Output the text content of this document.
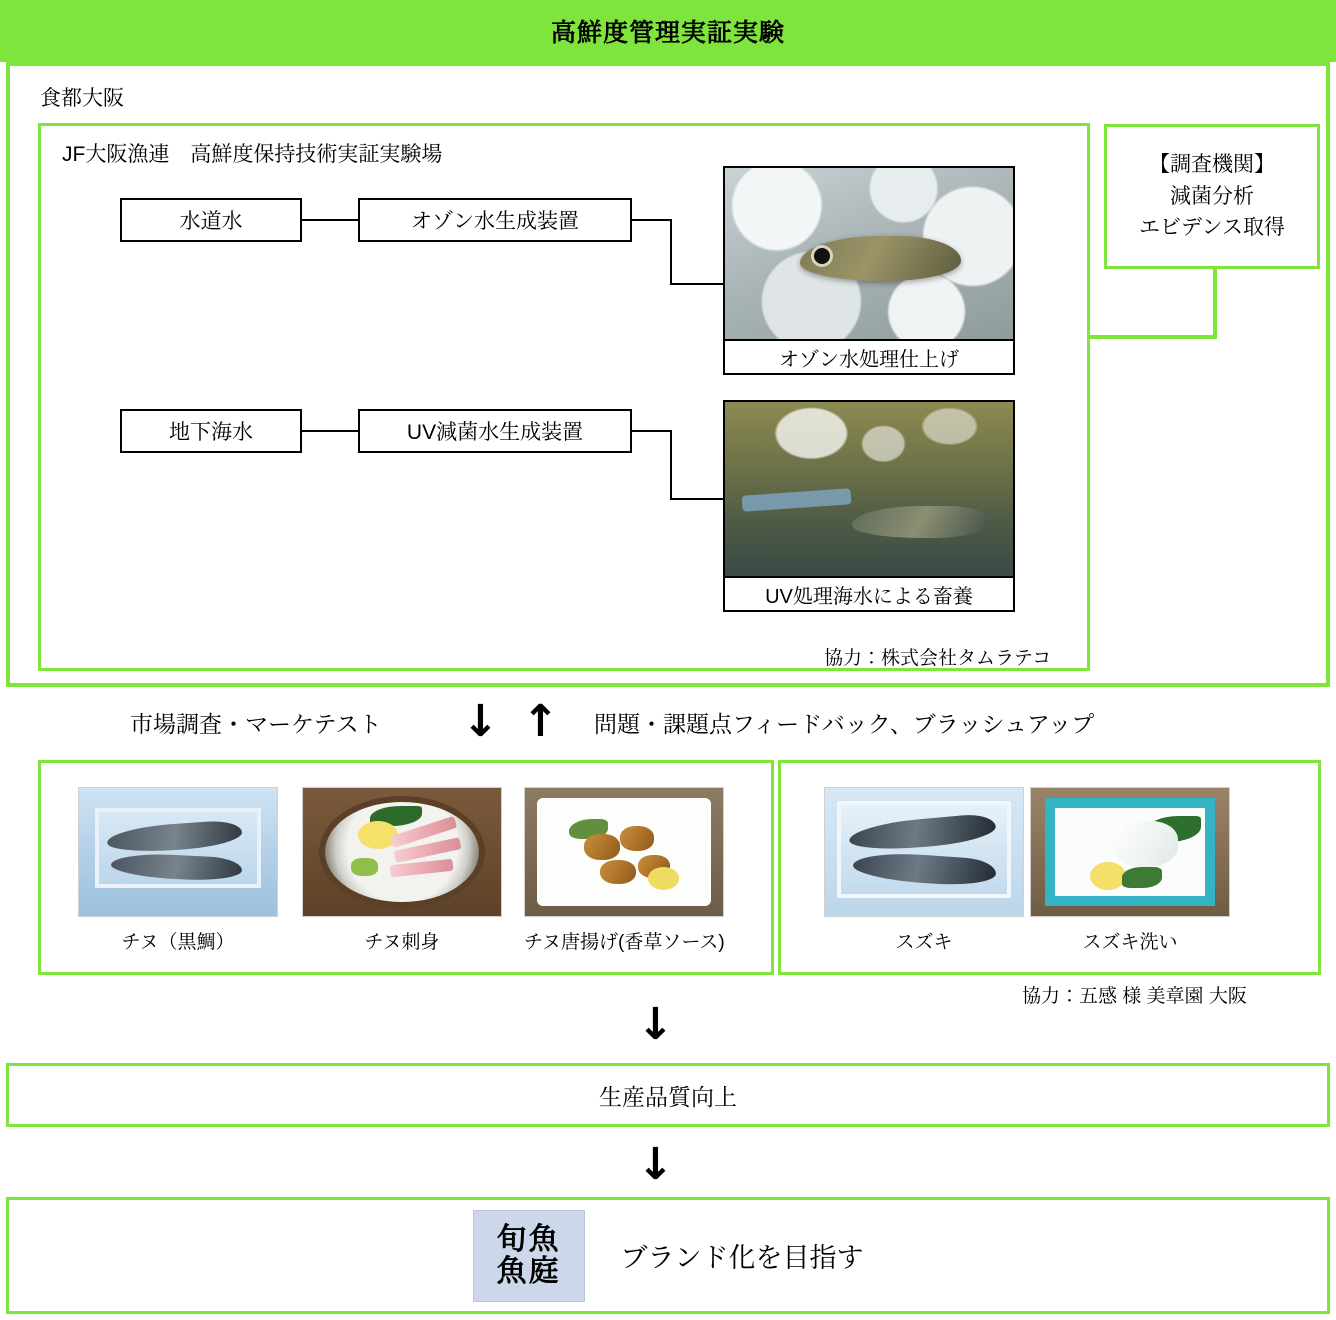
高鮮度管理実証実験
食都大阪
JF大阪漁連　高鮮度保持技術実証実験場
水道水	オゾン水生成装置
地下海水	UV減菌水生成装置
オゾン水処理仕上げ
UV処理海水による畜養
協力：株式会社タムラテコ
【調査機関】
減菌分析
エビデンス取得
市場調査・マーケテスト ↓ ↑ 問題・課題点フィードバック、ブラッシュアップ
チヌ（黒鯛）	チヌ刺身	チヌ唐揚げ(香草ソース)	スズキ	スズキ洗い
協力：五感 様 美章園 大阪
↓
生産品質向上
↓
旬魚
魚庭 ブランド化を目指す
